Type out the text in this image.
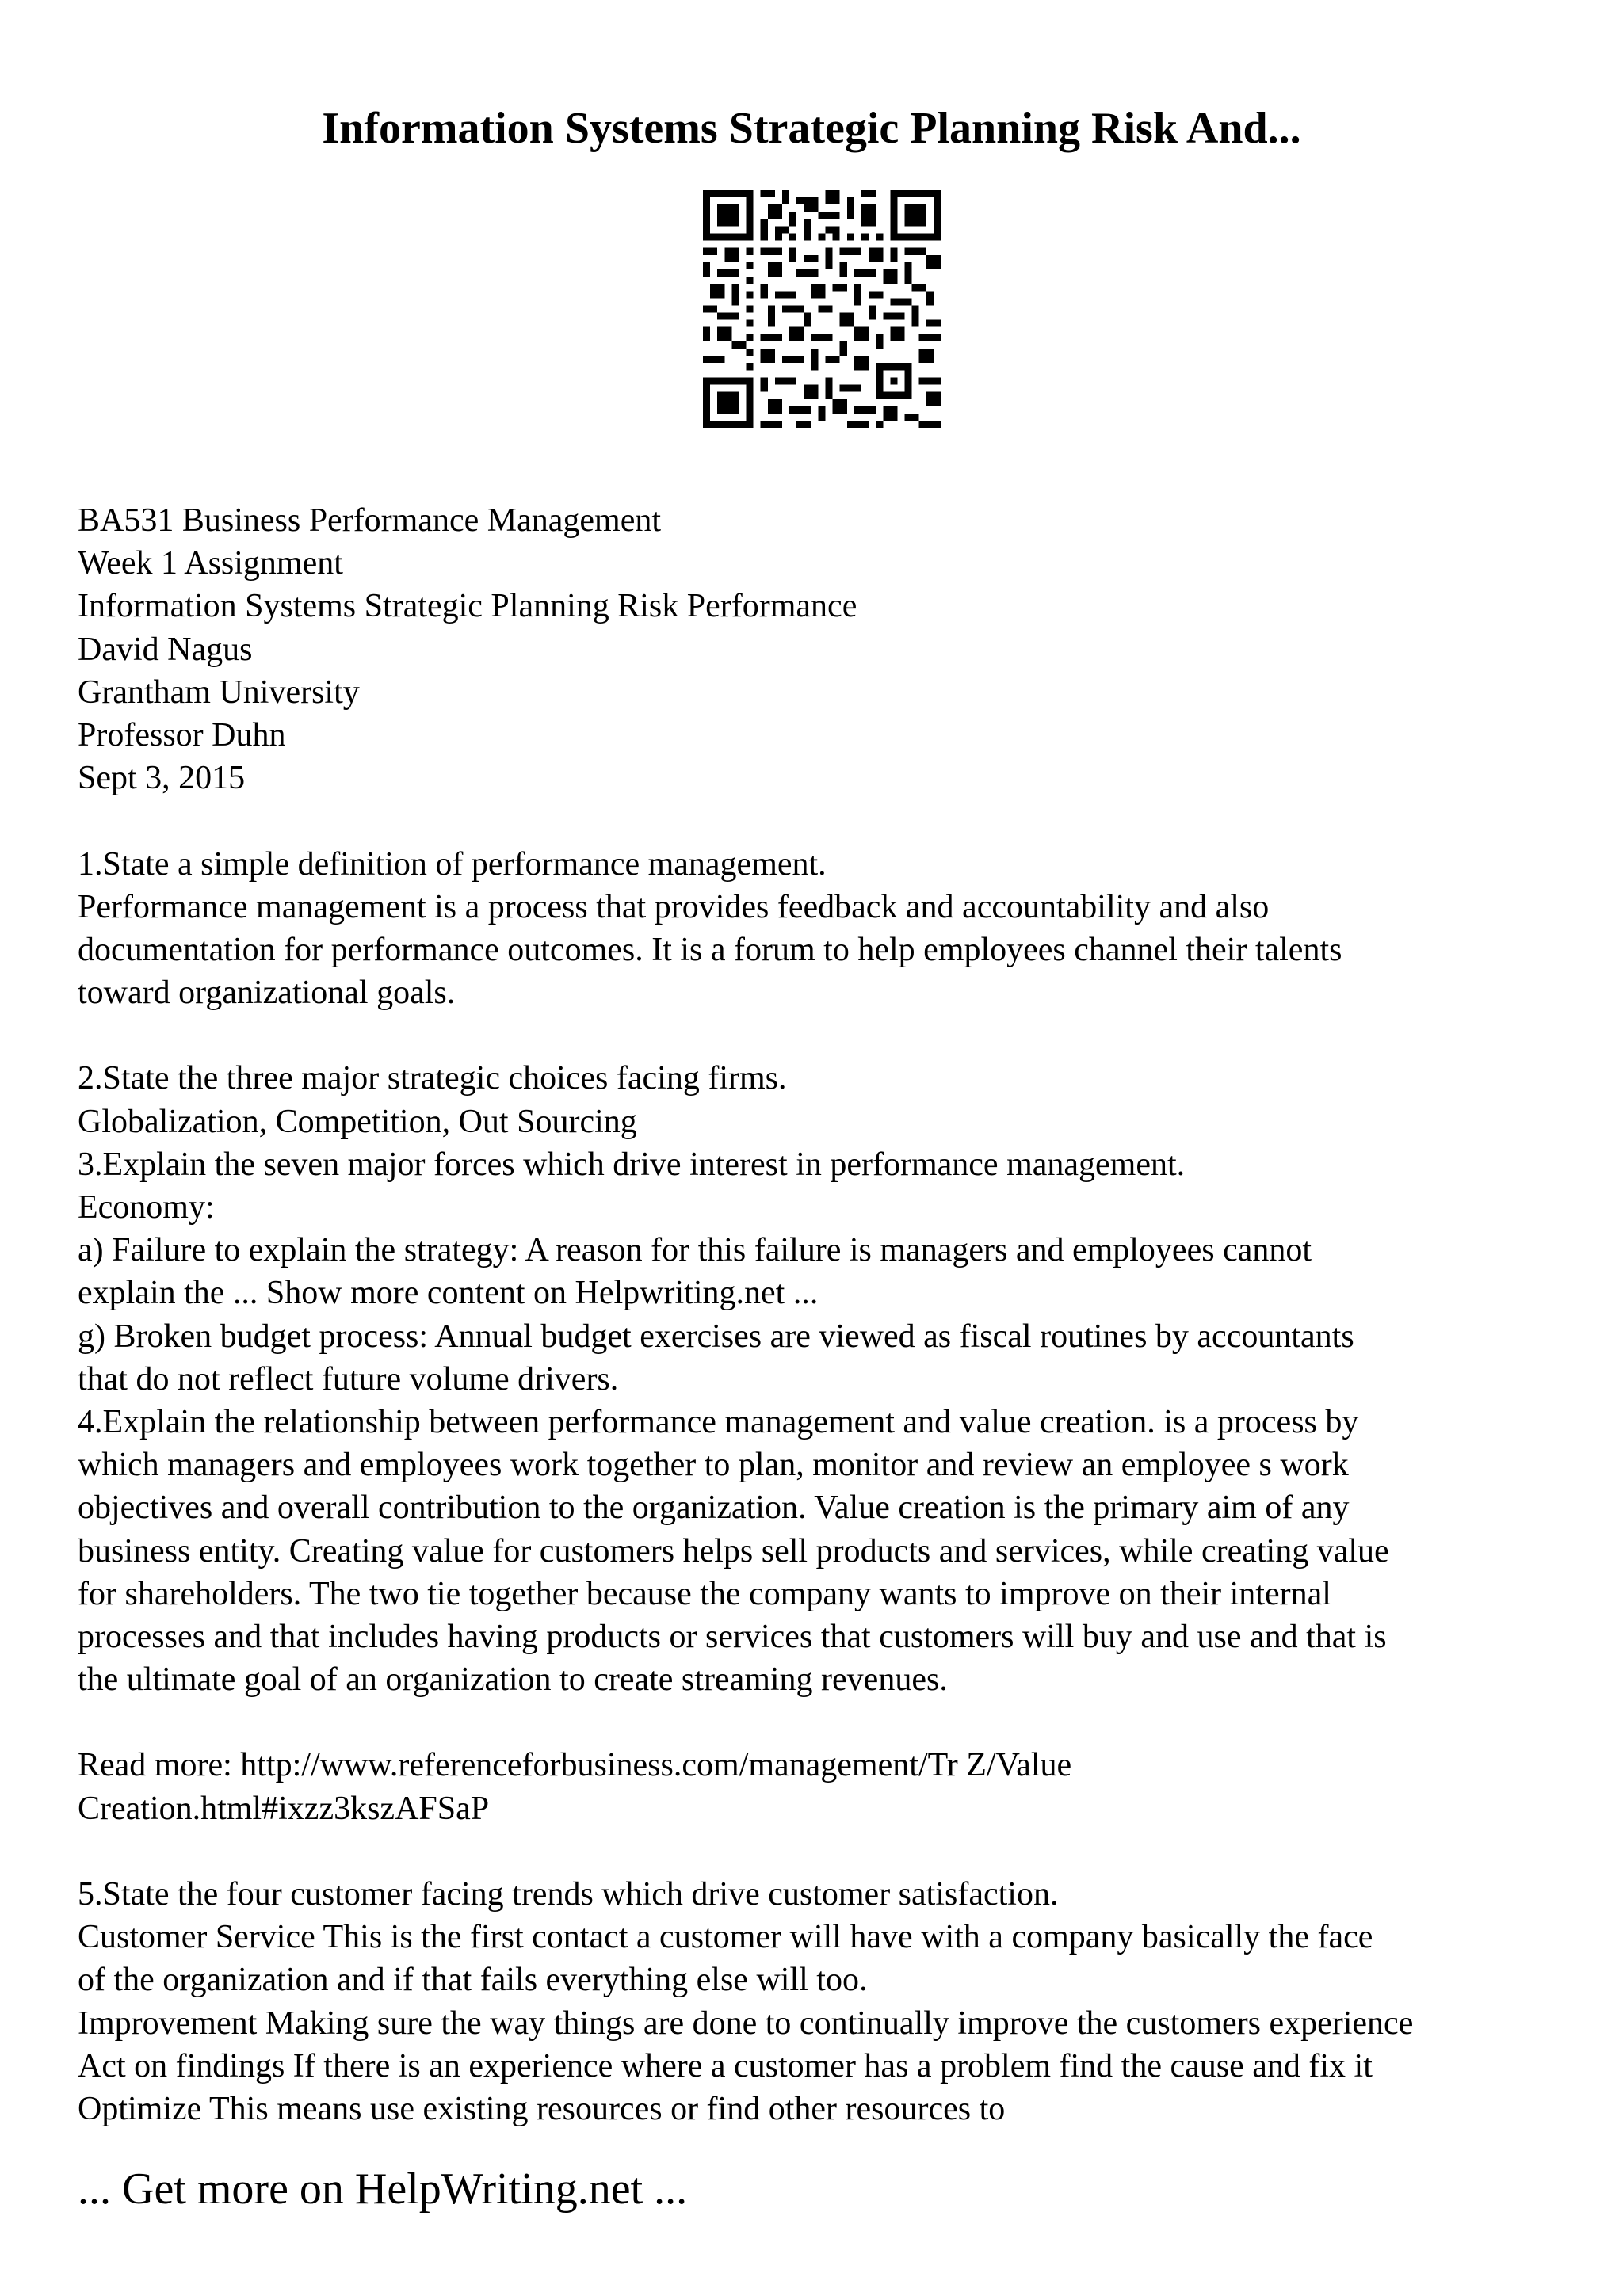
Information Systems Strategic Planning Risk And...
BA531 Business Performance Management
Week 1 Assignment
Information Systems Strategic Planning Risk Performance
David Nagus
Grantham University
Professor Duhn
Sept 3, 2015
1.State a simple definition of performance management.
Performance management is a process that provides feedback and accountability and also
documentation for performance outcomes. It is a forum to help employees channel their talents
toward organizational goals.
2.State the three major strategic choices facing firms.
Globalization, Competition, Out Sourcing
3.Explain the seven major forces which drive interest in performance management.
Economy:
a) Failure to explain the strategy: A reason for this failure is managers and employees cannot
explain the ... Show more content on Helpwriting.net ...
g) Broken budget process: Annual budget exercises are viewed as fiscal routines by accountants
that do not reflect future volume drivers.
4.Explain the relationship between performance management and value creation. is a process by
which managers and employees work together to plan, monitor and review an employee s work
objectives and overall contribution to the organization. Value creation is the primary aim of any
business entity. Creating value for customers helps sell products and services, while creating value
for shareholders. The two tie together because the company wants to improve on their internal
processes and that includes having products or services that customers will buy and use and that is
the ultimate goal of an organization to create streaming revenues.
Read more: http://www.referenceforbusiness.com/management/Tr Z/Value
Creation.html#ixzz3kszAFSaP
5.State the four customer facing trends which drive customer satisfaction.
Customer Service This is the first contact a customer will have with a company basically the face
of the organization and if that fails everything else will too.
Improvement Making sure the way things are done to continually improve the customers experience
Act on findings If there is an experience where a customer has a problem find the cause and fix it
Optimize This means use existing resources or find other resources to
... Get more on HelpWriting.net ...
